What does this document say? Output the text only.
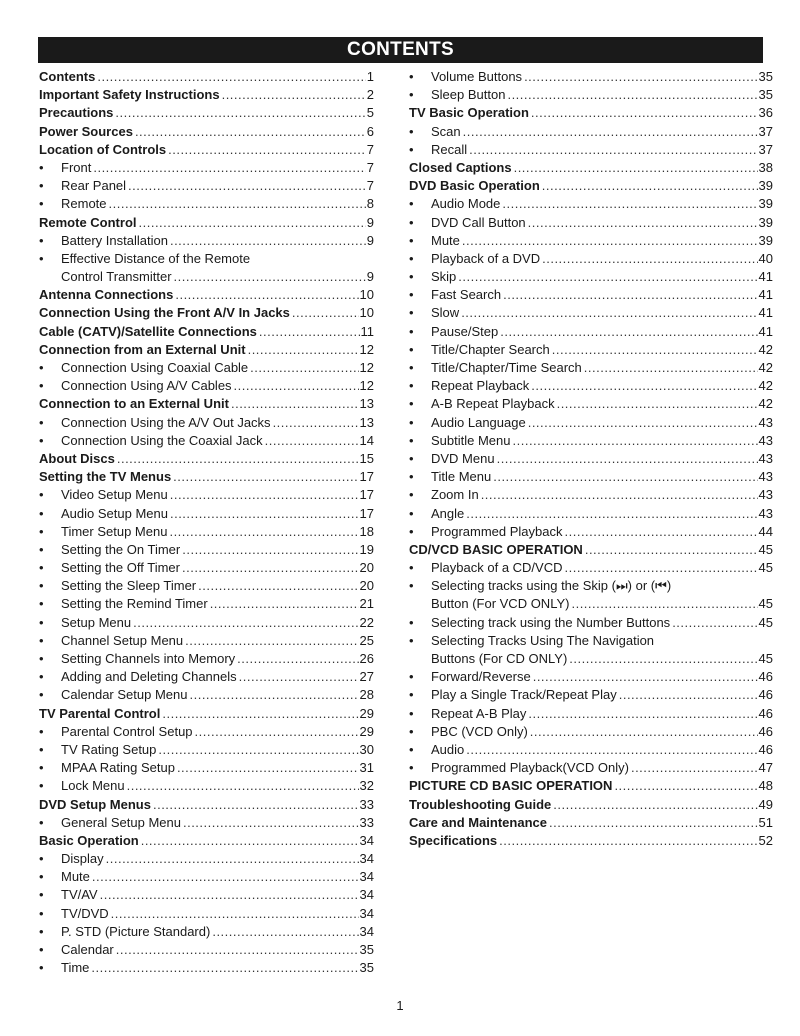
CONTENTS
Contents .....	1
Important Safety Instructions .....	2
Precautions .....	5
Power Sources .....	6
Location of Controls .....	7
•	Front .....	7
•	Rear Panel .....	7
•	Remote .....	8
Remote Control .....	9
•	Battery Installation .....	9
•	Effective Distance of the Remote
Control Transmitter .....	9
Antenna Connections .....	10
Connection Using the Front A/V In Jacks .....	10
Cable (CATV)/Satellite Connections .....	11
Connection from an External Unit .....	12
•	Connection Using Coaxial Cable .....	12
•	Connection Using A/V Cables .....	12
Connection to an External Unit .....	13
•	Connection Using the A/V Out Jacks .....	13
•	Connection Using the Coaxial Jack .....	14
About Discs .....	15
Setting the TV Menus .....	17
•	Video Setup Menu .....	17
•	Audio Setup Menu .....	17
•	Timer Setup Menu .....	18
•	Setting the On Timer .....	19
•	Setting the Off Timer .....	20
•	Setting the Sleep Timer .....	20
•	Setting the Remind Timer .....	21
•	Setup Menu .....	22
•	Channel Setup Menu .....	25
•	Setting Channels into Memory .....	26
•	Adding and Deleting Channels .....	27
•	Calendar Setup Menu .....	28
TV Parental Control .....	29
•	Parental Control Setup .....	29
•	TV Rating Setup .....	30
•	MPAA Rating Setup .....	31
•	Lock Menu .....	32
DVD Setup Menus .....	33
•	General Setup Menu .....	33
Basic Operation .....	34
•	Display .....	34
•	Mute .....	34
•	TV/AV .....	34
•	TV/DVD .....	34
•	P. STD (Picture Standard) .....	34
•	Calendar .....	35
•	Time .....	35
•	Volume Buttons .....	35
•	Sleep Button .....	35
TV Basic Operation .....	36
•	Scan .....	37
•	Recall .....	37
Closed Captions .....	38
DVD Basic Operation .....	39
•	Audio Mode .....	39
•	DVD Call Button .....	39
•	Mute .....	39
•	Playback of a DVD .....	40
•	Skip .....	41
•	Fast Search .....	41
•	Slow .....	41
•	Pause/Step .....	41
•	Title/Chapter Search .....	42
•	Title/Chapter/Time Search .....	42
•	Repeat Playback .....	42
•	A-B Repeat Playback .....	42
•	Audio Language .....	43
•	Subtitle Menu .....	43
•	DVD Menu .....	43
•	Title Menu .....	43
•	Zoom In .....	43
•	Angle .....	43
•	Programmed Playback .....	44
CD/VCD BASIC OPERATION .....	45
•	Playback of a CD/VCD .....	45
•	Selecting tracks using the Skip (⏭) or (⏮)
Button (For VCD ONLY) .....	45
•	Selecting track using the Number Buttons .....	45
•	Selecting Tracks Using The Navigation
Buttons (For CD ONLY) .....	45
•	Forward/Reverse .....	46
•	Play a Single Track/Repeat Play .....	46
•	Repeat A-B Play .....	46
•	PBC (VCD Only) .....	46
•	Audio .....	46
•	Programmed Playback(VCD Only) .....	47
PICTURE CD BASIC OPERATION .....	48
Troubleshooting Guide .....	49
Care and Maintenance .....	51
Specifications .....	52
1
